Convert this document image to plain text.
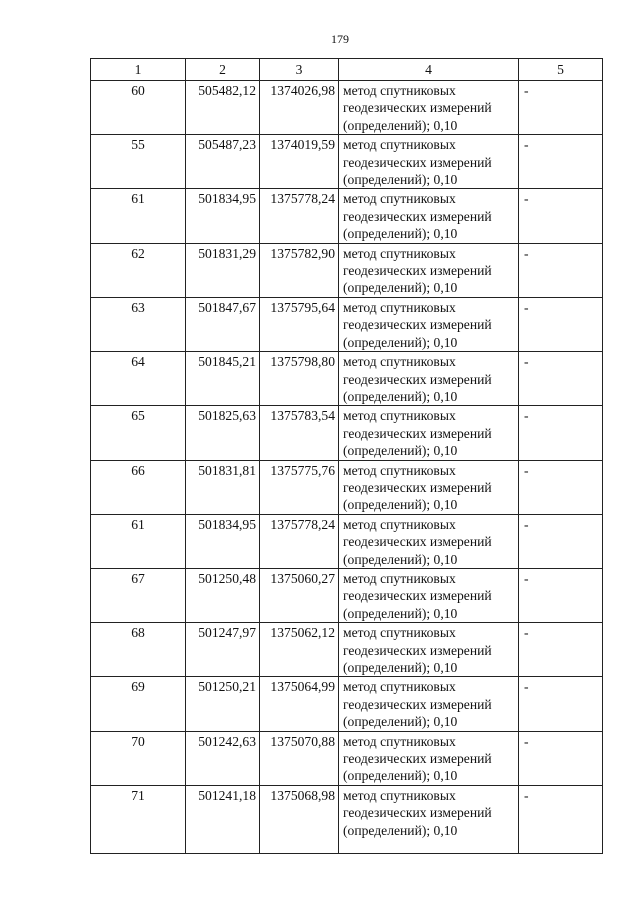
179
1	2	3	4	5
60	505482,12	1374026,98	метод спутниковых
геодезических измерений
(определений); 0,10	-
55	505487,23	1374019,59	метод спутниковых
геодезических измерений
(определений); 0,10	-
61	501834,95	1375778,24	метод спутниковых
геодезических измерений
(определений); 0,10	-
62	501831,29	1375782,90	метод спутниковых
геодезических измерений
(определений); 0,10	-
63	501847,67	1375795,64	метод спутниковых
геодезических измерений
(определений); 0,10	-
64	501845,21	1375798,80	метод спутниковых
геодезических измерений
(определений); 0,10	-
65	501825,63	1375783,54	метод спутниковых
геодезических измерений
(определений); 0,10	-
66	501831,81	1375775,76	метод спутниковых
геодезических измерений
(определений); 0,10	-
61	501834,95	1375778,24	метод спутниковых
геодезических измерений
(определений); 0,10	-
67	501250,48	1375060,27	метод спутниковых
геодезических измерений
(определений); 0,10	-
68	501247,97	1375062,12	метод спутниковых
геодезических измерений
(определений); 0,10	-
69	501250,21	1375064,99	метод спутниковых
геодезических измерений
(определений); 0,10	-
70	501242,63	1375070,88	метод спутниковых
геодезических измерений
(определений); 0,10	-
71	501241,18	1375068,98	метод спутниковых
геодезических измерений
(определений); 0,10	-
